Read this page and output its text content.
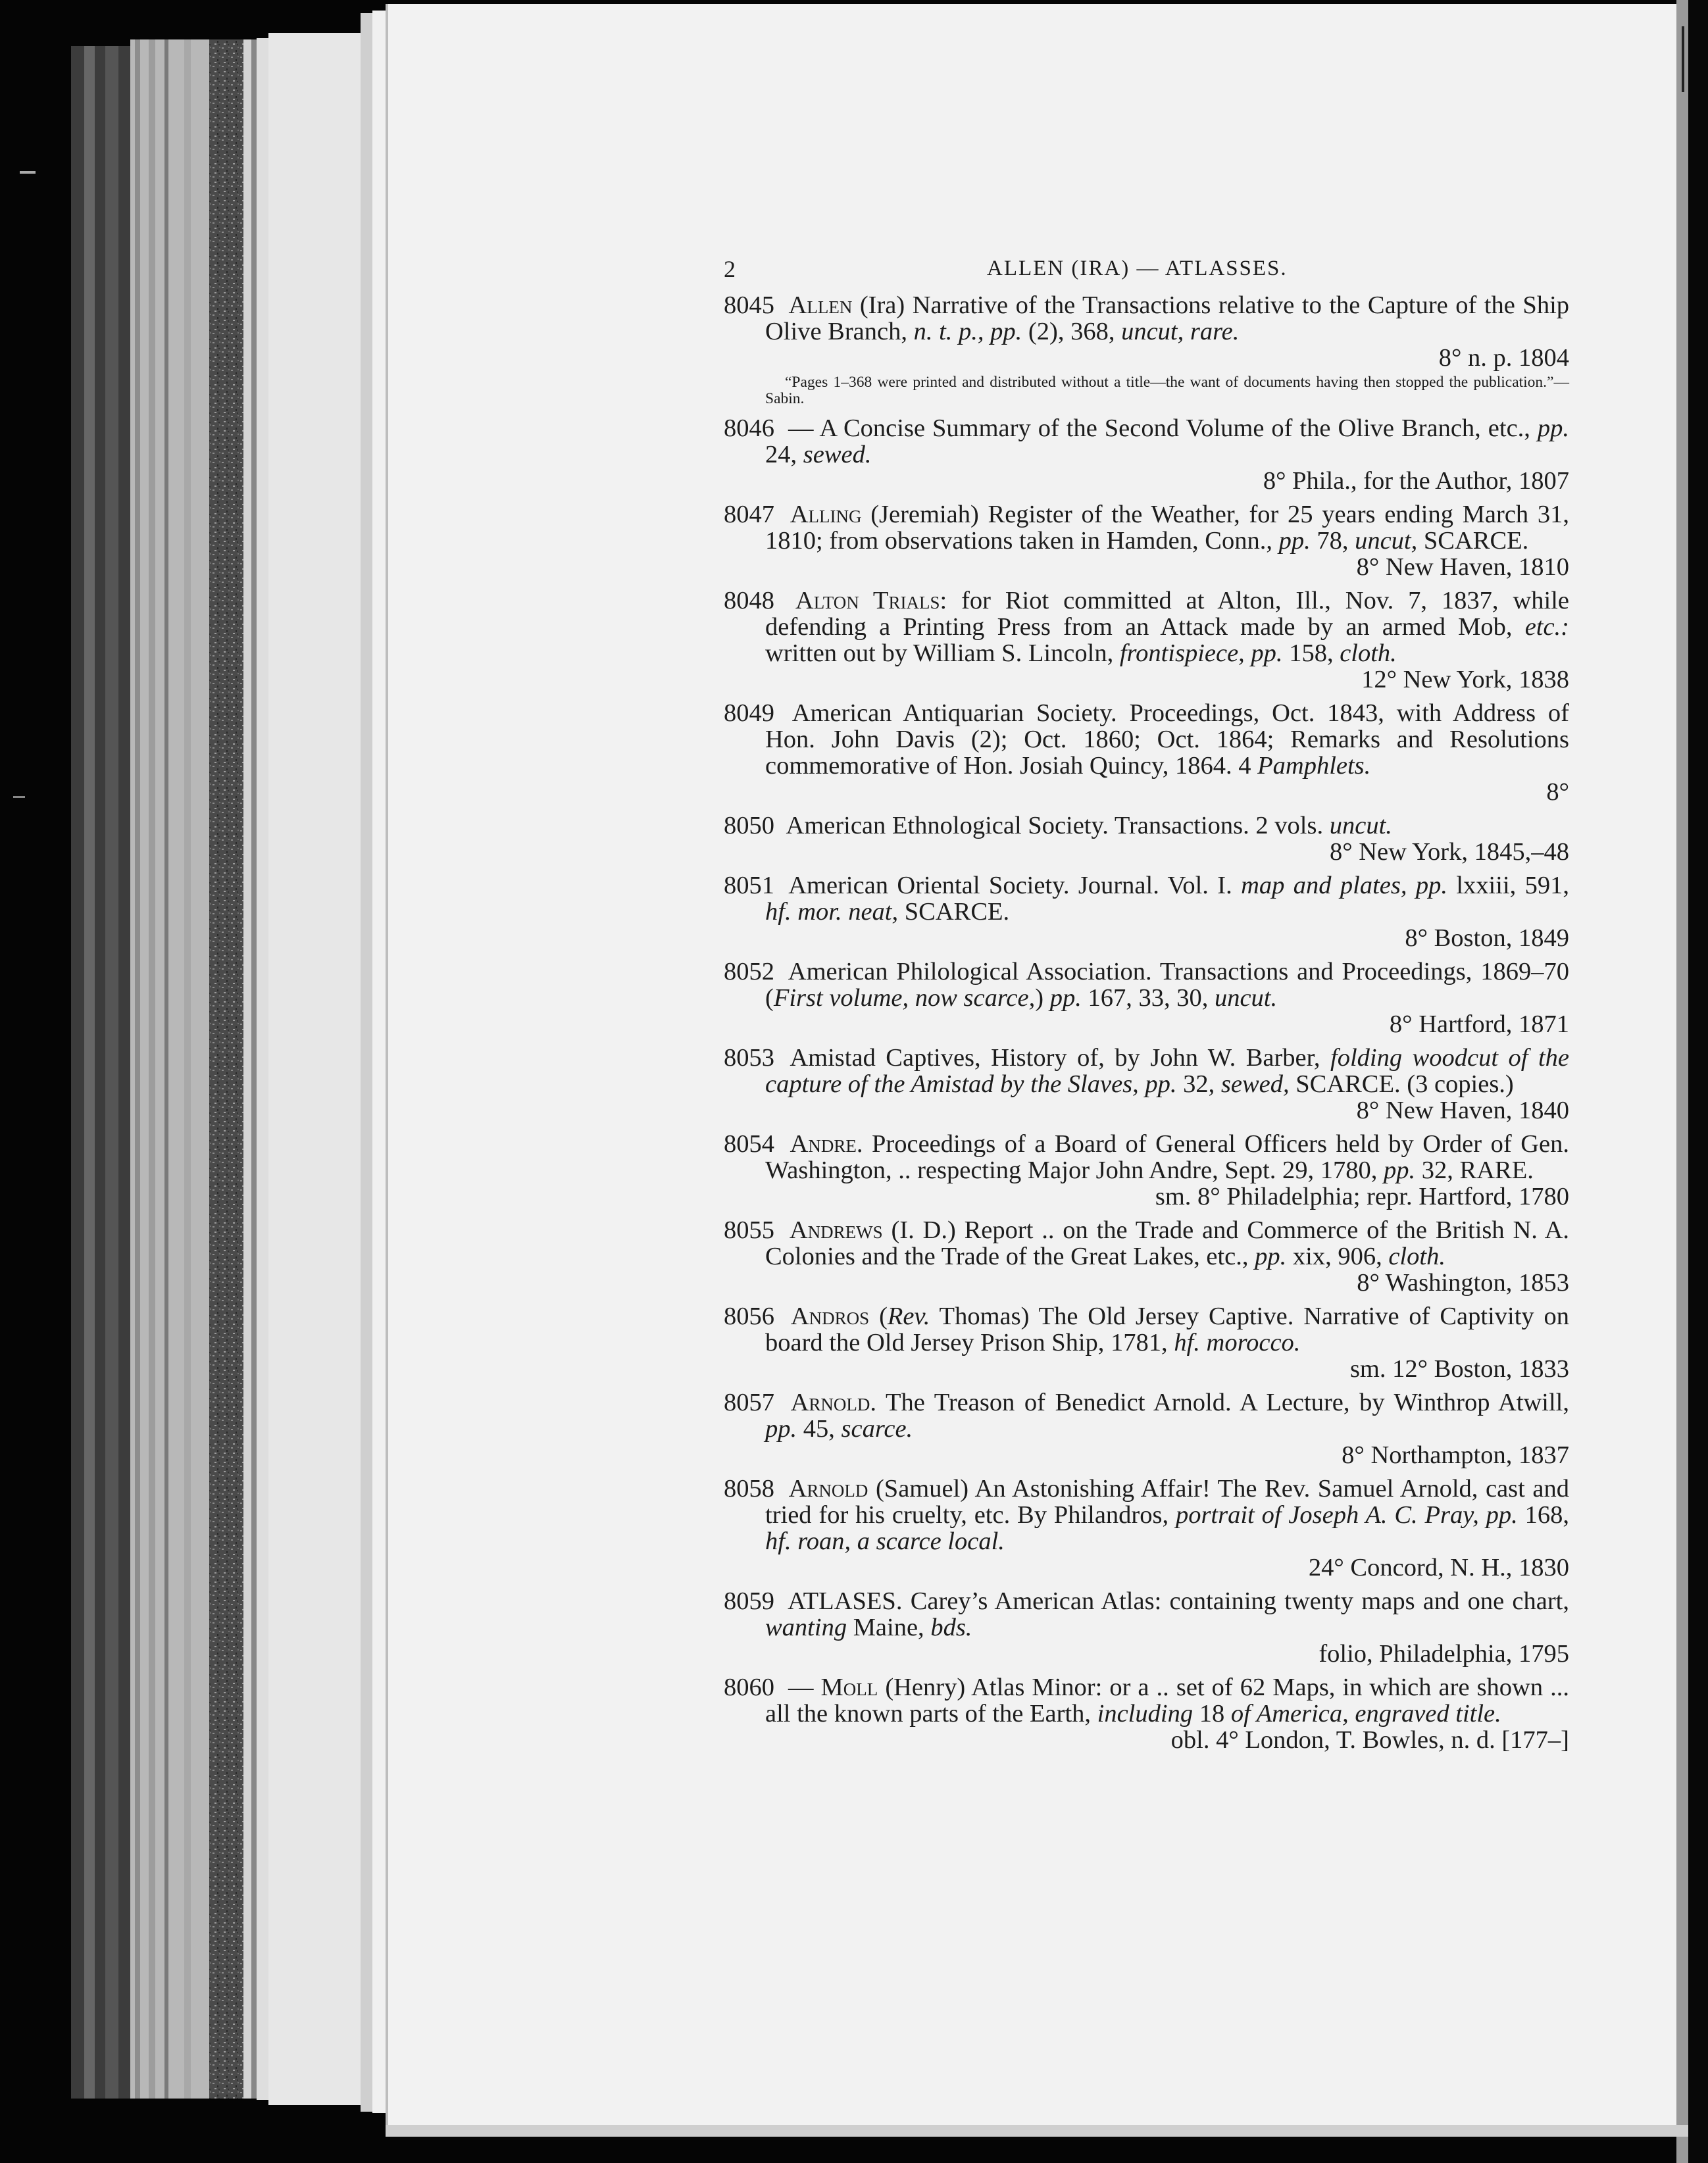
2	ALLEN (IRA) — ATLASSES.

8045 Allen (Ira) Narrative of the Transactions relative to the Capture of the Ship Olive Branch, n. t. p., pp. (2), 368, uncut, rare.
8° n. p. 1804

“Pages 1–368 were printed and distributed without a title—the want of documents having then stopped the publication.”—Sabin.

8046 — A Concise Summary of the Second Volume of the Olive Branch, etc., pp. 24, sewed.
8° Phila., for the Author, 1807

8047 Alling (Jeremiah) Register of the Weather, for 25 years ending March 31, 1810; from observations taken in Hamden, Conn., pp. 78, uncut, SCARCE.
8° New Haven, 1810

8048 Alton Trials: for Riot committed at Alton, Ill., Nov. 7, 1837, while defending a Printing Press from an Attack made by an armed Mob, etc.: written out by William S. Lincoln, frontispiece, pp. 158, cloth.
12° New York, 1838

8049 American Antiquarian Society. Proceedings, Oct. 1843, with Address of Hon. John Davis (2); Oct. 1860; Oct. 1864; Remarks and Resolutions commemorative of Hon. Josiah Quincy, 1864. 4 Pamphlets.
8°

8050 American Ethnological Society. Transactions. 2 vols. uncut.
8° New York, 1845,–48

8051 American Oriental Society. Journal. Vol. I. map and plates, pp. lxxiii, 591, hf. mor. neat, SCARCE.
8° Boston, 1849

8052 American Philological Association. Transactions and Proceedings, 1869–70 (First volume, now scarce,) pp. 167, 33, 30, uncut.
8° Hartford, 1871

8053 Amistad Captives, History of, by John W. Barber, folding woodcut of the capture of the Amistad by the Slaves, pp. 32, sewed, SCARCE. (3 copies.)
8° New Haven, 1840

8054 Andre. Proceedings of a Board of General Officers held by Order of Gen. Washington, .. respecting Major John Andre, Sept. 29, 1780, pp. 32, RARE.
sm. 8° Philadelphia; repr. Hartford, 1780

8055 Andrews (I. D.) Report .. on the Trade and Commerce of the British N. A. Colonies and the Trade of the Great Lakes, etc., pp. xix, 906, cloth.
8° Washington, 1853

8056 Andros (Rev. Thomas) The Old Jersey Captive. Narrative of Captivity on board the Old Jersey Prison Ship, 1781, hf. morocco.
sm. 12° Boston, 1833

8057 Arnold. The Treason of Benedict Arnold. A Lecture, by Winthrop Atwill, pp. 45, scarce.
8° Northampton, 1837

8058 Arnold (Samuel) An Astonishing Affair! The Rev. Samuel Arnold, cast and tried for his cruelty, etc. By Philandros, portrait of Joseph A. C. Pray, pp. 168, hf. roan, a scarce local.
24° Concord, N. H., 1830

8059 ATLASES. Carey’s American Atlas: containing twenty maps and one chart, wanting Maine, bds.
folio, Philadelphia, 1795

8060 — Moll (Henry) Atlas Minor: or a .. set of 62 Maps, in which are shown ... all the known parts of the Earth, including 18 of America, engraved title.
obl. 4° London, T. Bowles, n. d. [177–]
